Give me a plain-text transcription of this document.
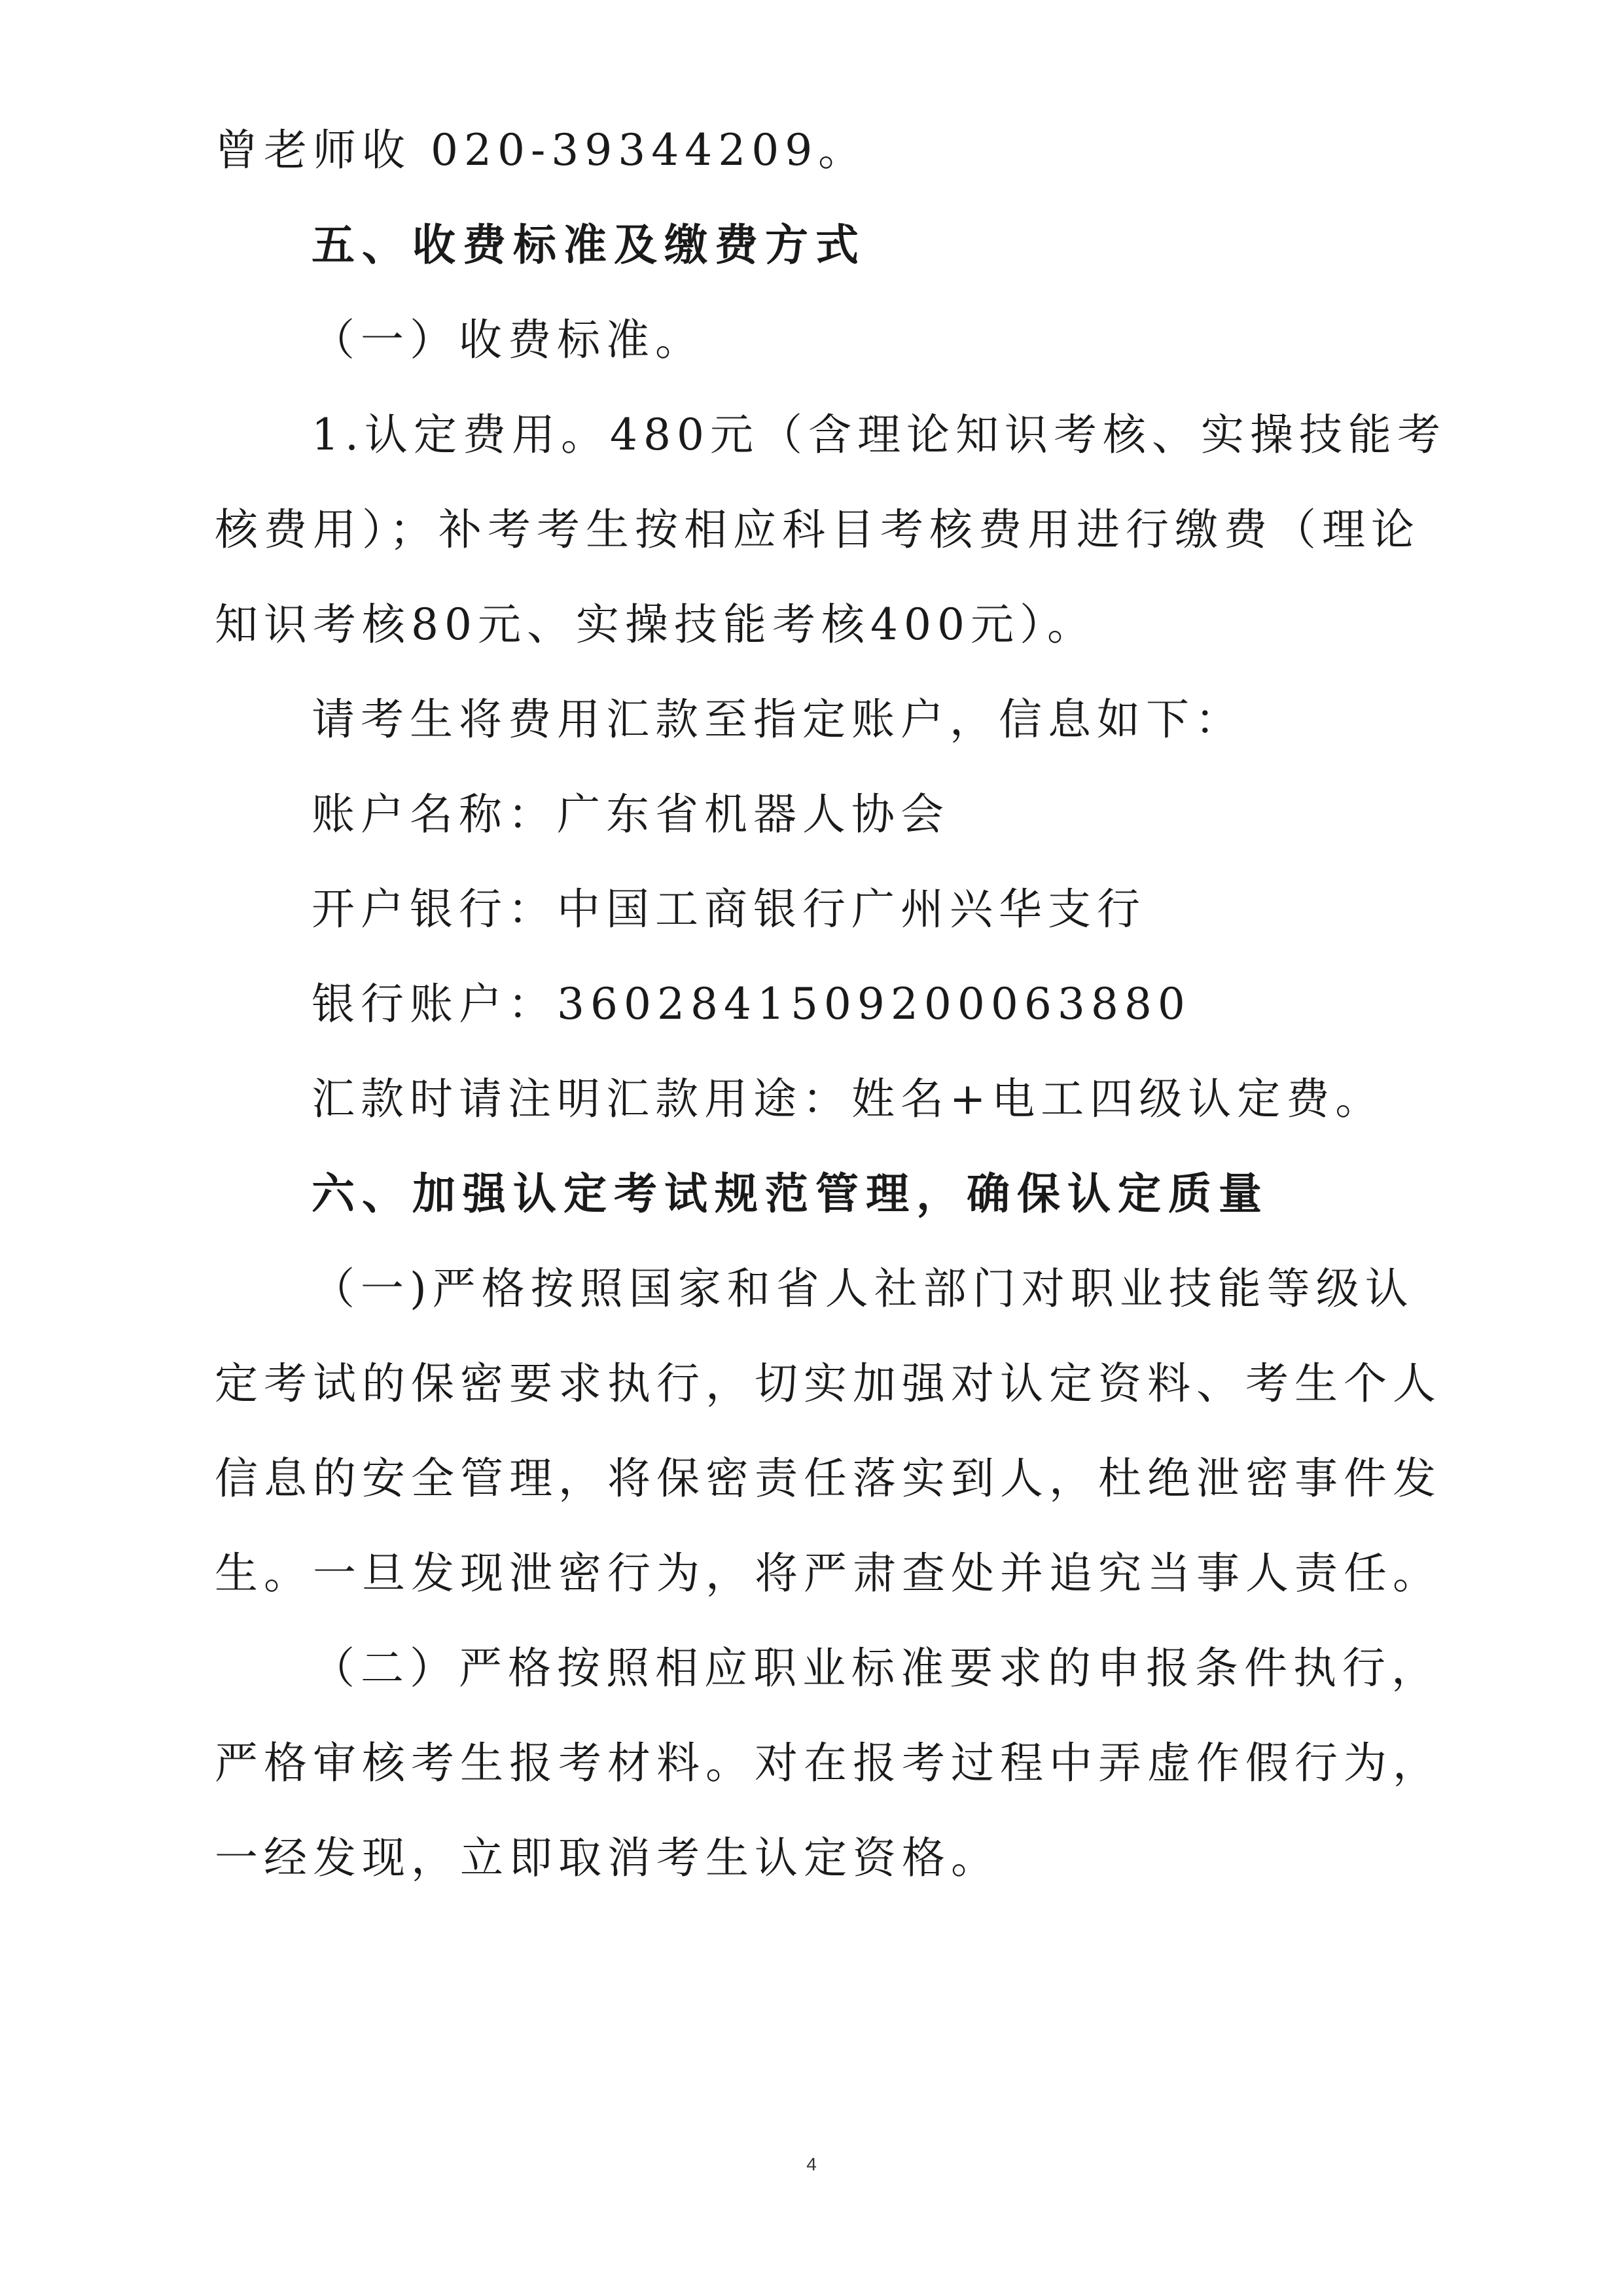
曾老师收 020-39344209。

五、收费标准及缴费方式

（一）收费标准。

1.认定费用。480元（含理论知识考核、实操技能考

核费用）；补考考生按相应科目考核费用进行缴费（理论

知识考核80元、实操技能考核400元）。

请考生将费用汇款至指定账户，信息如下：

账户名称：广东省机器人协会

开户银行：中国工商银行广州兴华支行

银行账户：3602841509200063880

汇款时请注明汇款用途：姓名+电工四级认定费。

六、加强认定考试规范管理，确保认定质量

（一)严格按照国家和省人社部门对职业技能等级认

定考试的保密要求执行，切实加强对认定资料、考生个人

信息的安全管理，将保密责任落实到人，杜绝泄密事件发

生。一旦发现泄密行为，将严肃查处并追究当事人责任。

（二）严格按照相应职业标准要求的申报条件执行，

严格审核考生报考材料。对在报考过程中弄虚作假行为，

一经发现，立即取消考生认定资格。

4
